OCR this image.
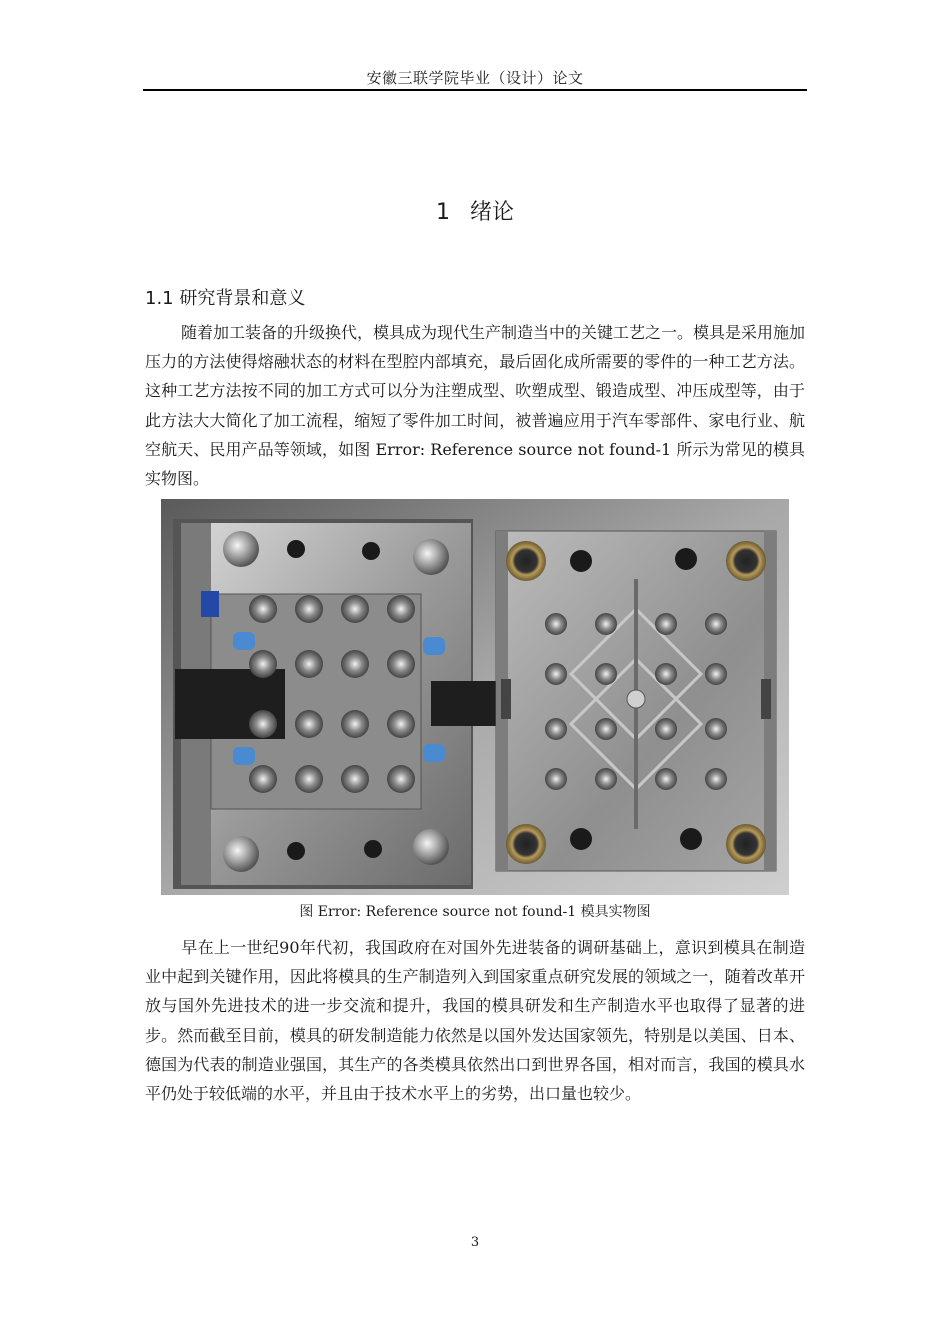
安徽三联学院毕业（设计）论文
1 绪论
1.1 研究背景和意义

随着加工装备的升级换代，模具成为现代生产制造当中的关键工艺之一。模具是采用施加压力的方法使得熔融状态的材料在型腔内部填充，最后固化成所需要的零件的一种工艺方法。这种工艺方法按不同的加工方式可以分为注塑成型、吹塑成型、锻造成型、冲压成型等，由于此方法大大简化了加工流程，缩短了零件加工时间，被普遍应用于汽车零部件、家电行业、航空航天、民用产品等领域，如图 Error: Reference source not found-1 所示为常见的模具实物图。

图 Error: Reference source not found-1 模具实物图

早在上一世纪90年代初，我国政府在对国外先进装备的调研基础上，意识到模具在制造业中起到关键作用，因此将模具的生产制造列入到国家重点研究发展的领域之一，随着改革开放与国外先进技术的进一步交流和提升，我国的模具研发和生产制造水平也取得了显著的进步。然而截至目前，模具的研发制造能力依然是以国外发达国家领先，特别是以美国、日本、德国为代表的制造业强国，其生产的各类模具依然出口到世界各国，相对而言，我国的模具水平仍处于较低端的水平，并且由于技术水平上的劣势，出口量也较少。

3
